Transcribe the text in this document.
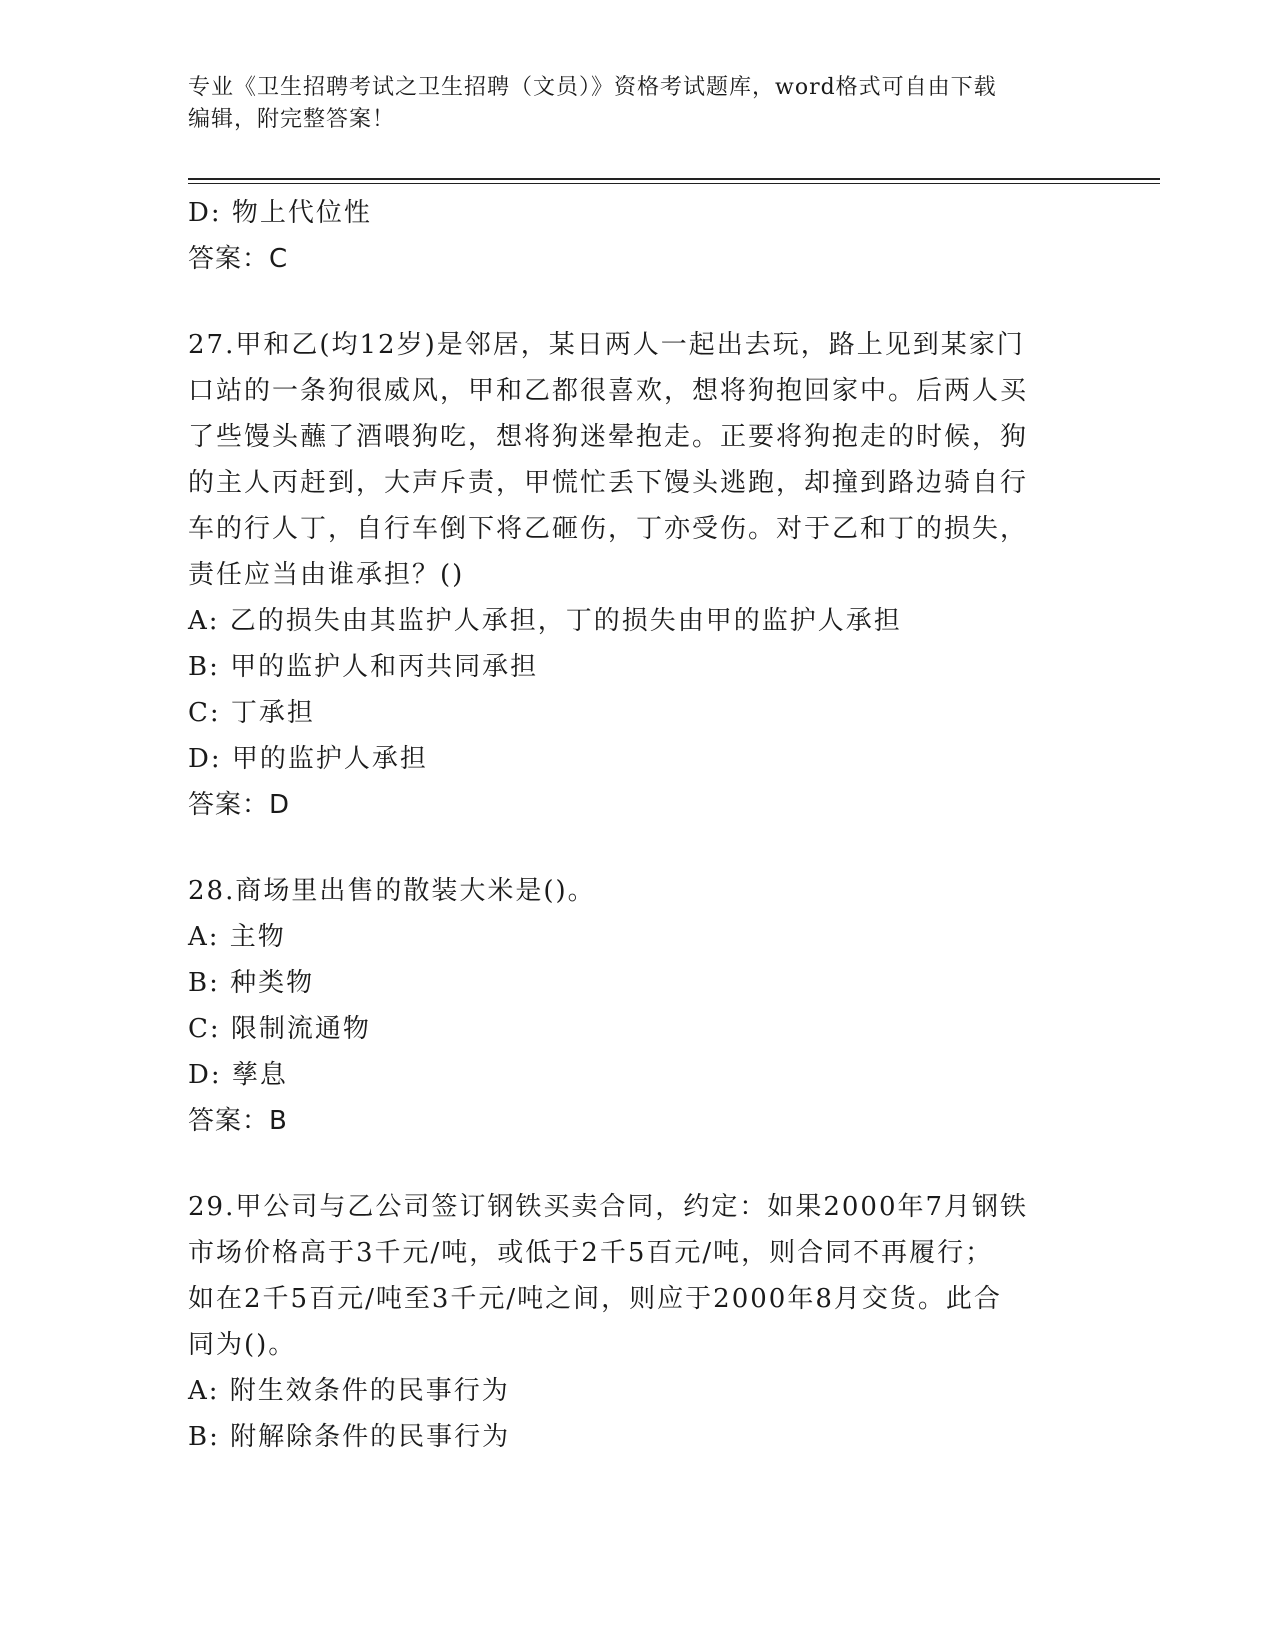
专业《卫生招聘考试之卫生招聘（文员）》资格考试题库，word格式可自由下载
编辑，附完整答案！
D: 物上代位性
答案：C
27.甲和乙(均12岁)是邻居，某日两人一起出去玩，路上见到某家门
口站的一条狗很威风，甲和乙都很喜欢，想将狗抱回家中。后两人买
了些馒头蘸了酒喂狗吃，想将狗迷晕抱走。正要将狗抱走的时候，狗
的主人丙赶到，大声斥责，甲慌忙丢下馒头逃跑，却撞到路边骑自行
车的行人丁，自行车倒下将乙砸伤，丁亦受伤。对于乙和丁的损失，
责任应当由谁承担？()
A: 乙的损失由其监护人承担，丁的损失由甲的监护人承担
B: 甲的监护人和丙共同承担
C: 丁承担
D: 甲的监护人承担
答案：D
28.商场里出售的散装大米是()。
A: 主物
B: 种类物
C: 限制流通物
D: 孳息
答案：B
29.甲公司与乙公司签订钢铁买卖合同，约定：如果2000年7月钢铁
市场价格高于3千元/吨，或低于2千5百元/吨，则合同不再履行；
如在2千5百元/吨至3千元/吨之间，则应于2000年8月交货。此合
同为()。
A: 附生效条件的民事行为
B: 附解除条件的民事行为
